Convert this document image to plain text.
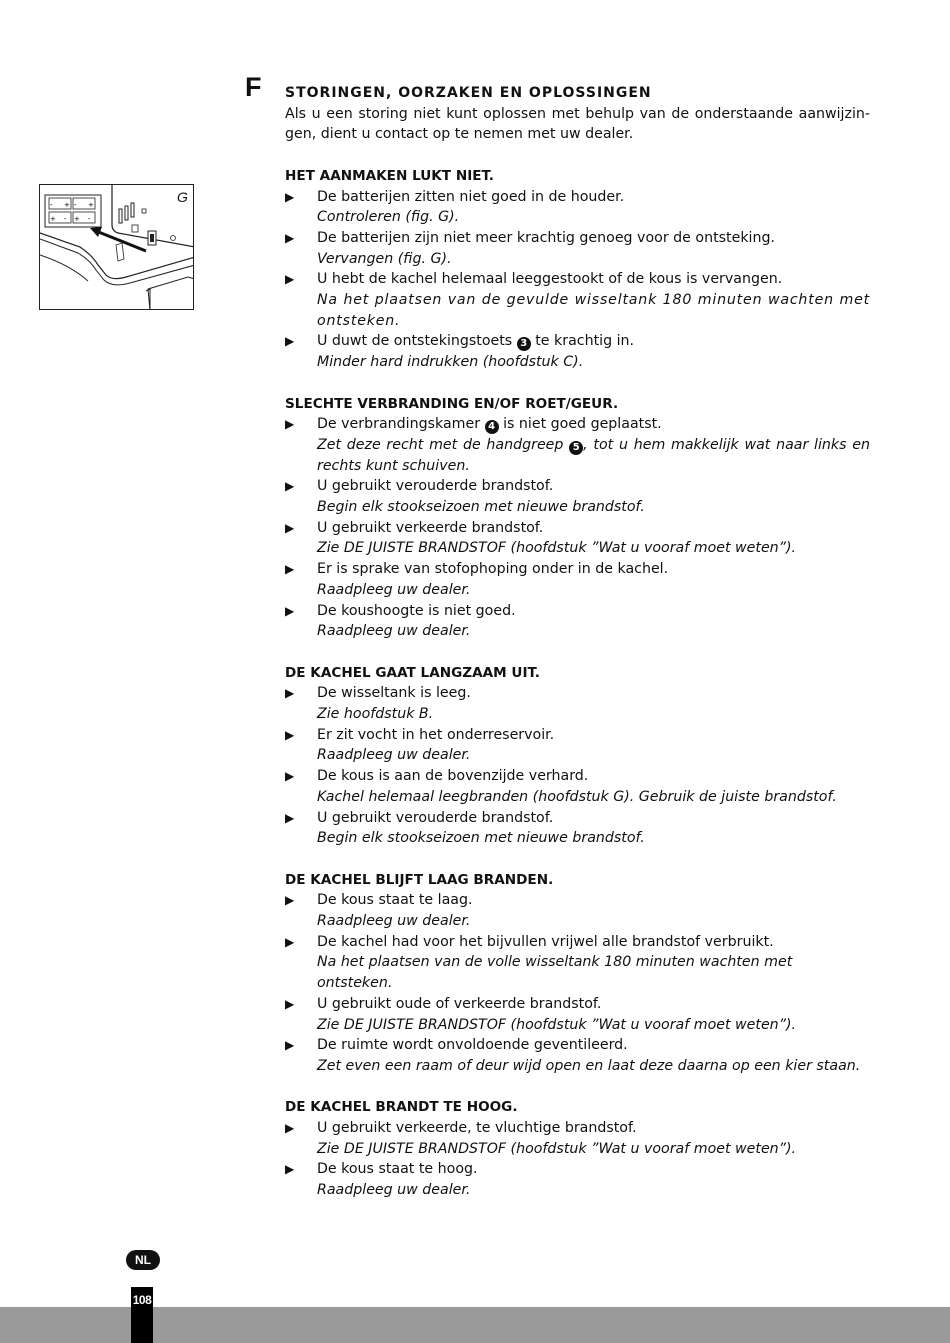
F
- + - +
+ - + -
G
STORINGEN, OORZAKEN EN OPLOSSINGEN

Als u een storing niet kunt oplossen met behulp van de onderstaande aanwijzin-gen, dient u contact op te nemen met uw dealer.

HET AANMAKEN LUKT NIET.
▶ De batterijen zitten niet goed in de houder.
Controleren (fig. G).
▶ De batterijen zijn niet meer krachtig genoeg voor de ontsteking.
Vervangen (fig. G).
▶ U hebt de kachel helemaal leeggestookt of de kous is vervangen.
Na het plaatsen van de gevulde wisseltank 180 minuten wachten met ontsteken.
▶ U duwt de ontstekingstoets 3 te krachtig in.
Minder hard indrukken (hoofdstuk C).
SLECHTE VERBRANDING EN/OF ROET/GEUR.
▶ De verbrandingskamer 4 is niet goed geplaatst.
Zet deze recht met de handgreep 5 , tot u hem makkelijk wat naar links en rechts kunt schuiven.
▶ U gebruikt verouderde brandstof.
Begin elk stookseizoen met nieuwe brandstof.
▶ U gebruikt verkeerde brandstof.
Zie DE JUISTE BRANDSTOF (hoofdstuk ”Wat u vooraf moet weten”).
▶ Er is sprake van stofophoping onder in de kachel.
Raadpleeg uw dealer.
▶ De koushoogte is niet goed.
Raadpleeg uw dealer.
DE KACHEL GAAT LANGZAAM UIT.
▶ De wisseltank is leeg.
Zie hoofdstuk B.
▶ Er zit vocht in het onderreservoir.
Raadpleeg uw dealer.
▶ De kous is aan de bovenzijde verhard.
Kachel helemaal leegbranden (hoofdstuk G). Gebruik de juiste brandstof.
▶ U gebruikt verouderde brandstof.
Begin elk stookseizoen met nieuwe brandstof.
DE KACHEL BLIJFT LAAG BRANDEN.
▶ De kous staat te laag.
Raadpleeg uw dealer.
▶ De kachel had voor het bijvullen vrijwel alle brandstof verbruikt.
Na het plaatsen van de volle wisseltank 180 minuten wachten met ontsteken.
▶ U gebruikt oude of verkeerde brandstof.
Zie DE JUISTE BRANDSTOF (hoofdstuk ”Wat u vooraf moet weten”).
▶ De ruimte wordt onvoldoende geventileerd.
Zet even een raam of deur wijd open en laat deze daarna op een kier staan.
DE KACHEL BRANDT TE HOOG.
▶ U gebruikt verkeerde, te vluchtige brandstof.
Zie DE JUISTE BRANDSTOF (hoofdstuk ”Wat u vooraf moet weten”).
▶ De kous staat te hoog.
Raadpleeg uw dealer.
NL
108
